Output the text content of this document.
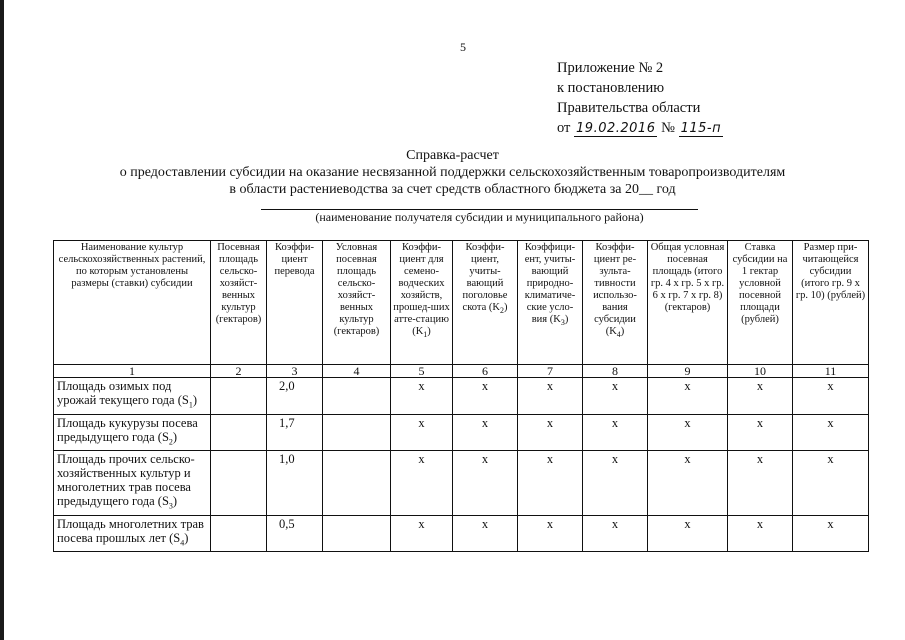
5
Приложение № 2
к постановлению
Правительства области
от 19.02.2016 № 115-п
Справка-расчет
о предоставлении субсидии на оказание несвязанной поддержки сельскохозяйственным товаропроизводителям
в области растениеводства за счет средств областного бюджета за 20__ год
(наименование получателя субсидии и муниципального района)
Наименование культур сельскохозяйственных растений, по которым установлены размеры (ставки) субсидии	Посевная площадь сельско-хозяйст-венных культур (гектаров)	Коэффи-циент перевода	Условная посевная площадь сельско-хозяйст-венных культур (гектаров)	Коэффи-циент для семено-водческих хозяйств, прошед-ших атте-стацию $(K_1)$	Коэффи-циент, учиты-вающий поголовье скота $(K_2)$	Коэффици-ент, учиты-вающий природно-климатиче-ские усло-вия $(K_3)$	Коэффи-циент ре-зульта-тивности использо-вания субсидии $(K_4)$	Общая условная посевная площадь (итого гр. 4 x гр. 5 x гр. 6 x гр. 7 x гр. 8) (гектаров)	Ставка субсидии на 1 гектар условной посевной площади (рублей)	Размер при-читающейся субсидии (итого гр. 9 x гр. 10) (рублей)
1	2	3	4	5	6	7	8	9	10	11
Площадь озимых под урожай текущего года $(S_1)$		2,0		x	x	x	x	x	x	x
Площадь кукурузы посева предыдущего года $(S_2)$		1,7		x	x	x	x	x	x	x
Площадь прочих сельско-хозяйственных культур и многолетних трав посева предыдущего года $(S_3)$		1,0		x	x	x	x	x	x	x
Площадь многолетних трав посева прошлых лет $(S_4)$		0,5		x	x	x	x	x	x	x
